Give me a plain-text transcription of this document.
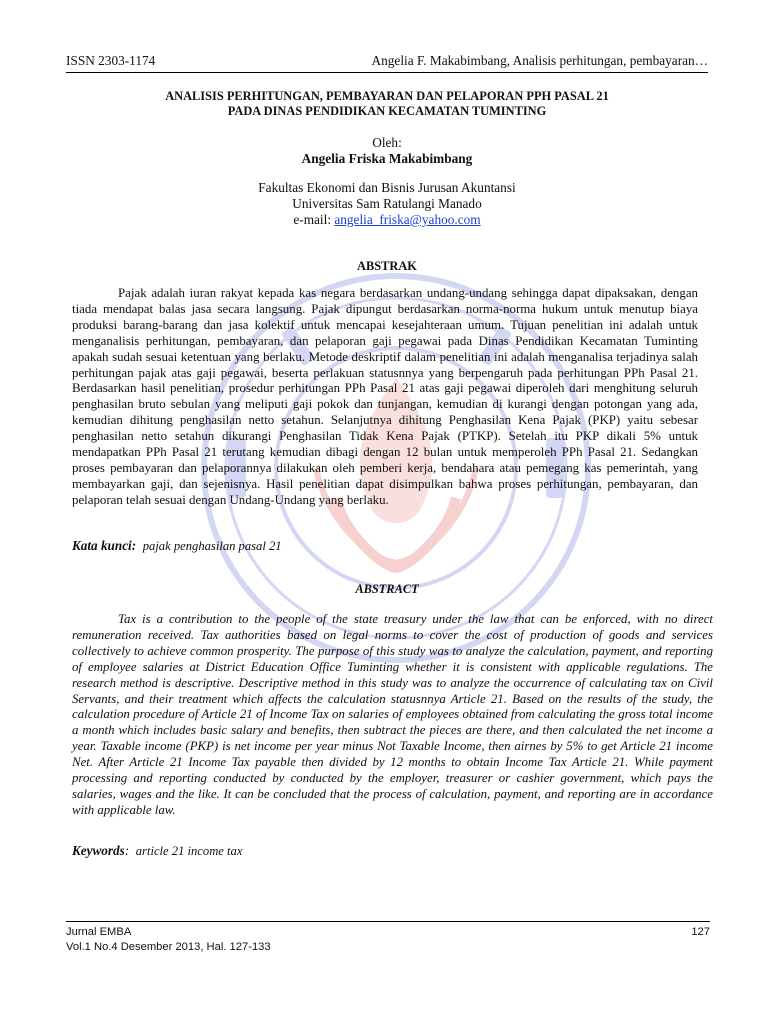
ISSN 2303-1174	Angelia F. Makabimbang, Analisis perhitungan, pembayaran…
ANALISIS PERHITUNGAN, PEMBAYARAN DAN PELAPORAN PPH PASAL 21
PADA DINAS PENDIDIKAN KECAMATAN TUMINTING
Oleh:
Angelia Friska Makabimbang
Fakultas Ekonomi dan Bisnis Jurusan Akuntansi
Universitas Sam Ratulangi Manado
e-mail: angelia_friska@yahoo.com
ABSTRAK

Pajak adalah iuran rakyat kepada kas negara berdasarkan undang-undang sehingga dapat dipaksakan, dengan tiada mendapat balas jasa secara langsung. Pajak dipungut berdasarkan norma-norma hukum untuk menutup biaya produksi barang-barang dan jasa kolektif untuk mencapai kesejahteraan umum. Tujuan penelitian ini adalah untuk menganalisis perhitungan, pembayaran, dan pelaporan gaji pegawai pada Dinas Pendidikan Kecamatan Tuminting apakah sudah sesuai ketentuan yang berlaku. Metode deskriptif dalam penelitian ini adalah menganalisa terjadinya salah perhitungan pajak atas gaji pegawai, beserta perlakuan statusnnya yang berpengaruh pada perhitungan PPh Pasal 21. Berdasarkan hasil penelitian, prosedur perhitungan PPh Pasal 21 atas gaji pegawai diperoleh dari menghitung seluruh penghasilan bruto sebulan yang meliputi gaji pokok dan tunjangan, kemudian di kurangi dengan potongan yang ada, kemudian dihitung penghasilan netto setahun. Selanjutnya dihitung Penghasilan Kena Pajak (PKP) yaitu sebesar penghasilan netto setahun dikurangi Penghasilan Tidak Kena Pajak (PTKP). Setelah itu PKP dikali 5% untuk mendapatkan PPh Pasal 21 terutang kemudian dibagi dengan 12 bulan untuk memperoleh PPh Pasal 21. Sedangkan proses pembayaran dan pelaporannya dilakukan oleh pemberi kerja, bendahara atau pemegang kas pemerintah, yang membayarkan gaji, dan sejenisnya. Hasil penelitian dapat disimpulkan bahwa proses perhitungan, pembayaran, dan pelaporan telah sesuai dengan Undang-Undang yang berlaku.

Kata kunci: pajak penghasilan pasal 21
ABSTRACT

Tax is a contribution to the people of the state treasury under the law that can be enforced, with no direct remuneration received. Tax authorities based on legal norms to cover the cost of production of goods and services collectively to achieve common prosperity. The purpose of this study was to analyze the calculation, payment, and reporting of employee salaries at District Education Office Tuminting whether it is consistent with applicable regulations. The research method is descriptive. Descriptive method in this study was to analyze the occurrence of calculating tax on Civil Servants, and their treatment which affects the calculation statusnnya Article 21. Based on the results of the study, the calculation procedure of Article 21 of Income Tax on salaries of employees obtained from calculating the gross total income a month which includes basic salary and benefits, then subtract the pieces are there, and then calculated the net income a year. Taxable income (PKP) is net income per year minus Not Taxable Income, then airnes by 5% to get Article 21 income Net. After Article 21 Income Tax payable then divided by 12 months to obtain Income Tax Article 21. While payment processing and reporting conducted by conducted by the employer, treasurer or cashier government, which pays the salaries, wages and the like. It can be concluded that the process of calculation, payment, and reporting are in accordance with applicable law.

Keywords: article 21 income tax
Jurnal EMBA
Vol.1 No.4 Desember 2013, Hal. 127-133
127
